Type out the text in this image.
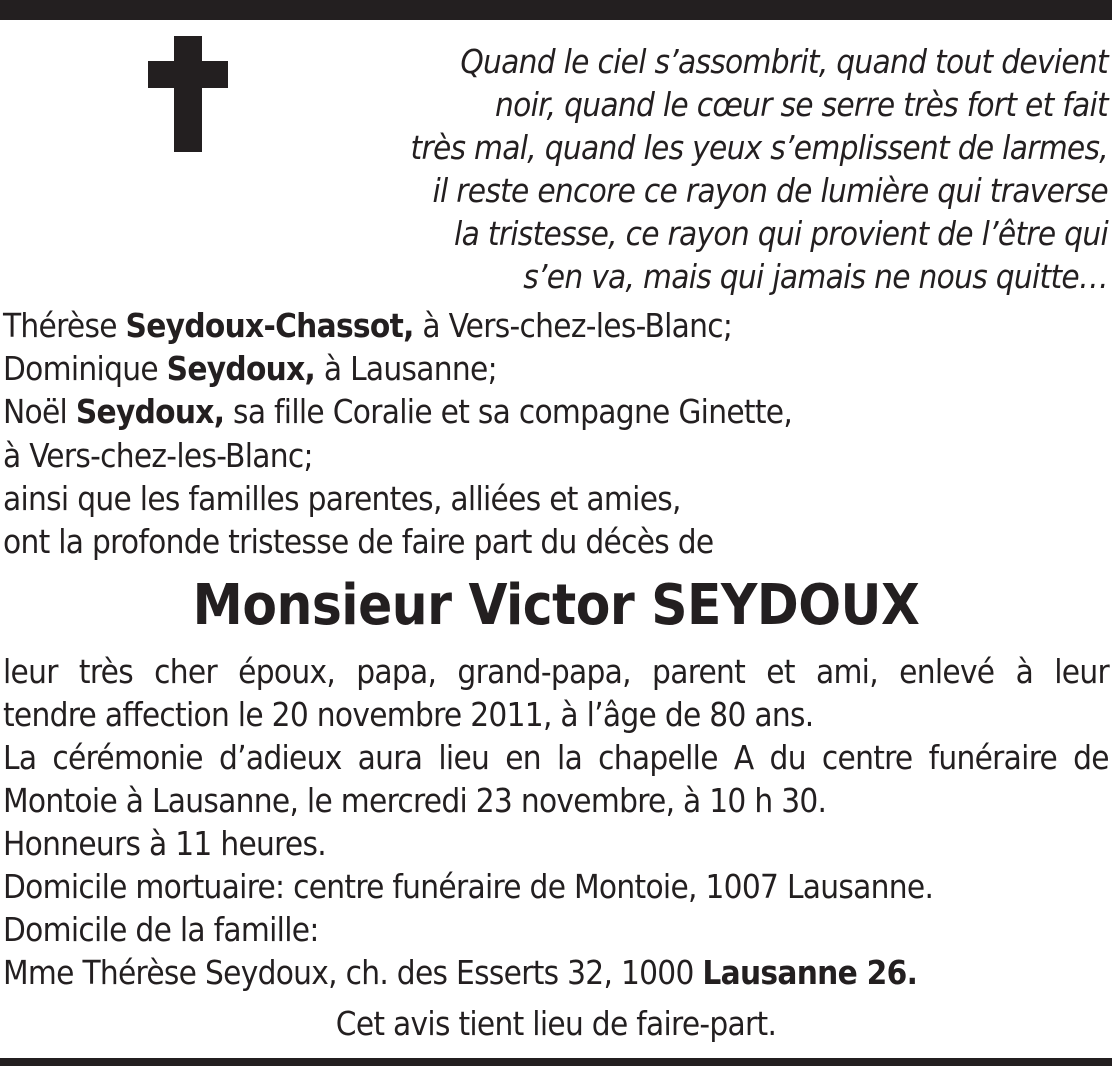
Quand le ciel s’assombrit, quand tout devient
noir, quand le cœur se serre très fort et fait
très mal, quand les yeux s’emplissent de larmes,
il reste encore ce rayon de lumière qui traverse
la tristesse, ce rayon qui provient de l’être qui
s’en va, mais qui jamais ne nous quitte…
Thérèse Seydoux-Chassot, à Vers-chez-les-Blanc;
Dominique Seydoux, à Lausanne;
Noël Seydoux, sa fille Coralie et sa compagne Ginette,
à Vers-chez-les-Blanc;
ainsi que les familles parentes, alliées et amies,
ont la profonde tristesse de faire part du décès de
Monsieur Victor SEYDOUX
leur très cher époux, papa, grand-papa, parent et ami, enlevé à leur
tendre affection le 20 novembre 2011, à l’âge de 80 ans.
La cérémonie d’adieux aura lieu en la chapelle A du centre funéraire de
Montoie à Lausanne, le mercredi 23 novembre, à 10 h 30.
Honneurs à 11 heures.
Domicile mortuaire: centre funéraire de Montoie, 1007 Lausanne.
Domicile de la famille:
Mme Thérèse Seydoux, ch. des Esserts 32, 1000 Lausanne 26.
Cet avis tient lieu de faire-part.
